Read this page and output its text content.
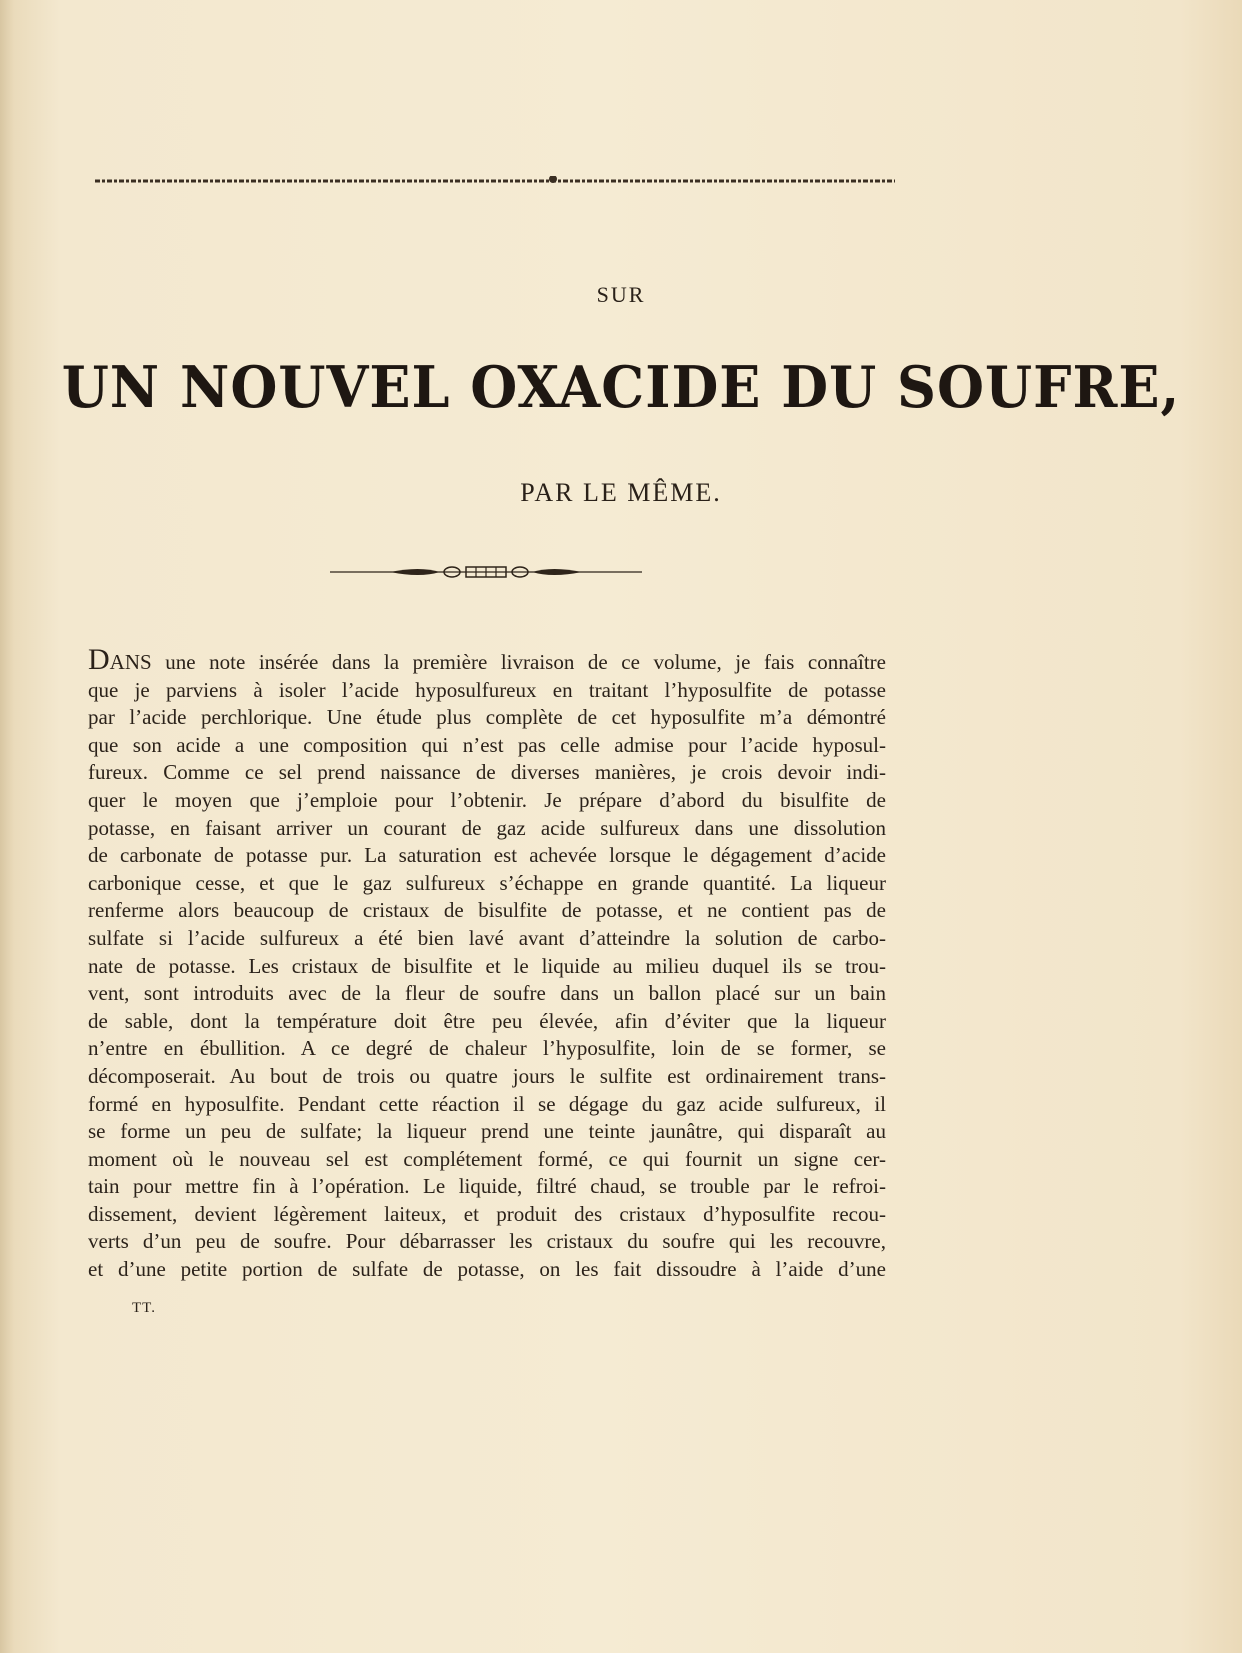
SUR
UN NOUVEL OXACIDE DU SOUFRE,
PAR LE MÊME.
DANS une note insérée dans la première livraison de ce volume, je fais connaître
que je parviens à isoler l’acide hyposulfureux en traitant l’hyposulfite de potasse
par l’acide perchlorique. Une étude plus complète de cet hyposulfite m’a démontré
que son acide a une composition qui n’est pas celle admise pour l’acide hyposul-
fureux. Comme ce sel prend naissance de diverses manières, je crois devoir indi-
quer le moyen que j’emploie pour l’obtenir. Je prépare d’abord du bisulfite de
potasse, en faisant arriver un courant de gaz acide sulfureux dans une dissolution
de carbonate de potasse pur. La saturation est achevée lorsque le dégagement d’acide
carbonique cesse, et que le gaz sulfureux s’échappe en grande quantité. La liqueur
renferme alors beaucoup de cristaux de bisulfite de potasse, et ne contient pas de
sulfate si l’acide sulfureux a été bien lavé avant d’atteindre la solution de carbo-
nate de potasse. Les cristaux de bisulfite et le liquide au milieu duquel ils se trou-
vent, sont introduits avec de la fleur de soufre dans un ballon placé sur un bain
de sable, dont la température doit être peu élevée, afin d’éviter que la liqueur
n’entre en ébullition. A ce degré de chaleur l’hyposulfite, loin de se former, se
décomposerait. Au bout de trois ou quatre jours le sulfite est ordinairement trans-
formé en hyposulfite. Pendant cette réaction il se dégage du gaz acide sulfureux, il
se forme un peu de sulfate; la liqueur prend une teinte jaunâtre, qui disparaît au
moment où le nouveau sel est complétement formé, ce qui fournit un signe cer-
tain pour mettre fin à l’opération. Le liquide, filtré chaud, se trouble par le refroi-
dissement, devient légèrement laiteux, et produit des cristaux d’hyposulfite recou-
verts d’un peu de soufre. Pour débarrasser les cristaux du soufre qui les recouvre,
et d’une petite portion de sulfate de potasse, on les fait dissoudre à l’aide d’une
TT.
